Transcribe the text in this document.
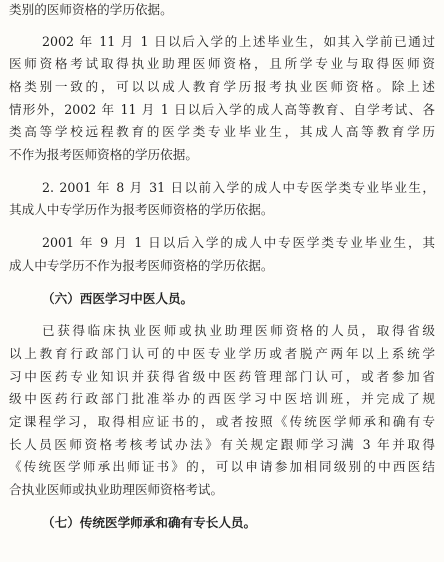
类别的医师资格的学历依据。
2002 年 11 月 1 日以后入学的上述毕业生，如其入学前已通过
医师资格考试取得执业助理医师资格，且所学专业与取得医师资
格类别一致的，可以以成人教育学历报考执业医师资格。除上述
情形外，2002 年 11 月 1 日以后入学的成人高等教育、自学考试、各
类高等学校远程教育的医学类专业毕业生，其成人高等教育学历
不作为报考医师资格的学历依据。
2. 2001 年 8 月 31 日以前入学的成人中专医学类专业毕业生，
其成人中专学历作为报考医师资格的学历依据。
2001 年 9 月 1 日以后入学的成人中专医学类专业毕业生，其
成人中专学历不作为报考医师资格的学历依据。
（六）西医学习中医人员。
已获得临床执业医师或执业助理医师资格的人员，取得省级
以上教育行政部门认可的中医专业学历或者脱产两年以上系统学
习中医药专业知识并获得省级中医药管理部门认可，或者参加省
级中医药行政部门批准举办的西医学习中医培训班，并完成了规
定课程学习，取得相应证书的，或者按照《传统医学师承和确有专
长人员医师资格考核考试办法》有关规定跟师学习满 3 年并取得
《传统医学师承出师证书》的，可以申请参加相同级别的中西医结
合执业医师或执业助理医师资格考试。
（七）传统医学师承和确有专长人员。
